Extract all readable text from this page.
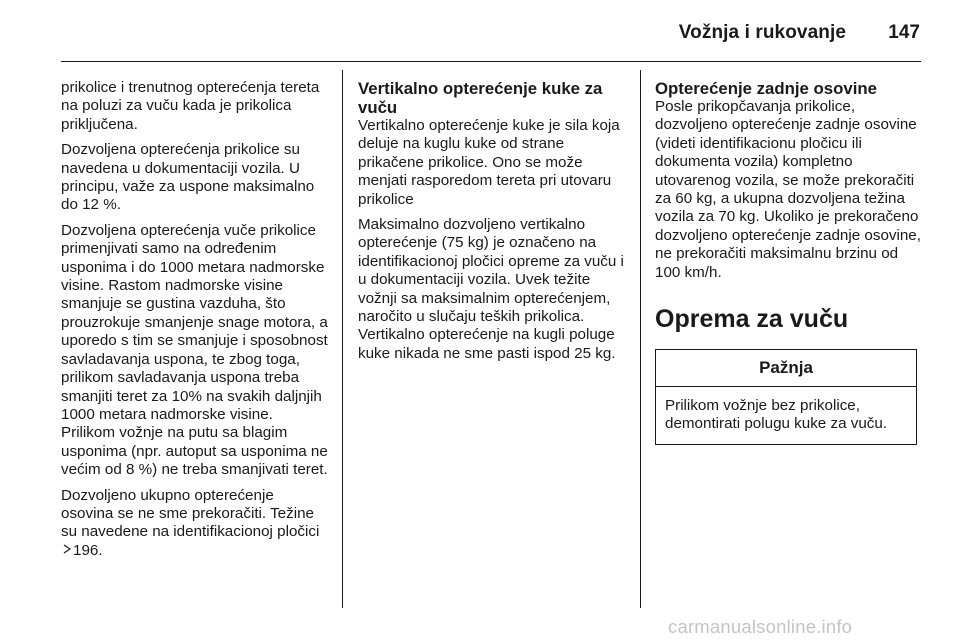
Vožnja i rukovanje	147

prikolice i trenutnog opterećenja tereta na poluzi za vuču kada je prikolica priključena.

Dozvoljena opterećenja prikolice su navedena u dokumentaciji vozila. U principu, važe za uspone maksimalno do 12 %.

Dozvoljena opterećenja vuče prikolice primenjivati samo na određenim usponima i do 1000 metara nadmorske visine. Rastom nadmorske visine smanjuje se gustina vazduha, što prouzrokuje smanjenje snage motora, a uporedo s tim se smanjuje i sposobnost savladavanja uspona, te zbog toga, prilikom savladavanja uspona treba smanjiti teret za 10% na svakih daljnjih 1000 metara nadmorske visine. Prilikom vožnje na putu sa blagim usponima (npr. autoput sa usponima ne većim od 8 %) ne treba smanjivati teret.

Dozvoljeno ukupno opterećenje osovina se ne sme prekoračiti. Težine su navedene na identifikacionoj pločici 196.

Vertikalno opterećenje kuke za vuču

Vertikalno opterećenje kuke je sila koja deluje na kuglu kuke od strane prikačene prikolice. Ono se može menjati rasporedom tereta pri utovaru prikolice

Maksimalno dozvoljeno vertikalno opterećenje (75 kg) je označeno na identifikacionoj pločici opreme za vuču i u dokumentaciji vozila. Uvek težite vožnji sa maksimalnim opterećenjem, naročito u slučaju teških prikolica. Vertikalno opterećenje na kugli poluge kuke nikada ne sme pasti ispod 25 kg.

Opterećenje zadnje osovine

Posle prikopčavanja prikolice, dozvoljeno opterećenje zadnje osovine (videti identifikacionu pločicu ili dokumenta vozila) kompletno utovarenog vozila, se može prekoračiti za 60 kg, a ukupna dozvoljena težina vozila za 70 kg. Ukoliko je prekoračeno dozvoljeno opterećenje zadnje osovine, ne prekoračiti maksimalnu brzinu od 100 km/h.

Oprema za vuču
Pažnja
Prilikom vožnje bez prikolice, demontirati polugu kuke za vuču.
carmanualsonline.info
